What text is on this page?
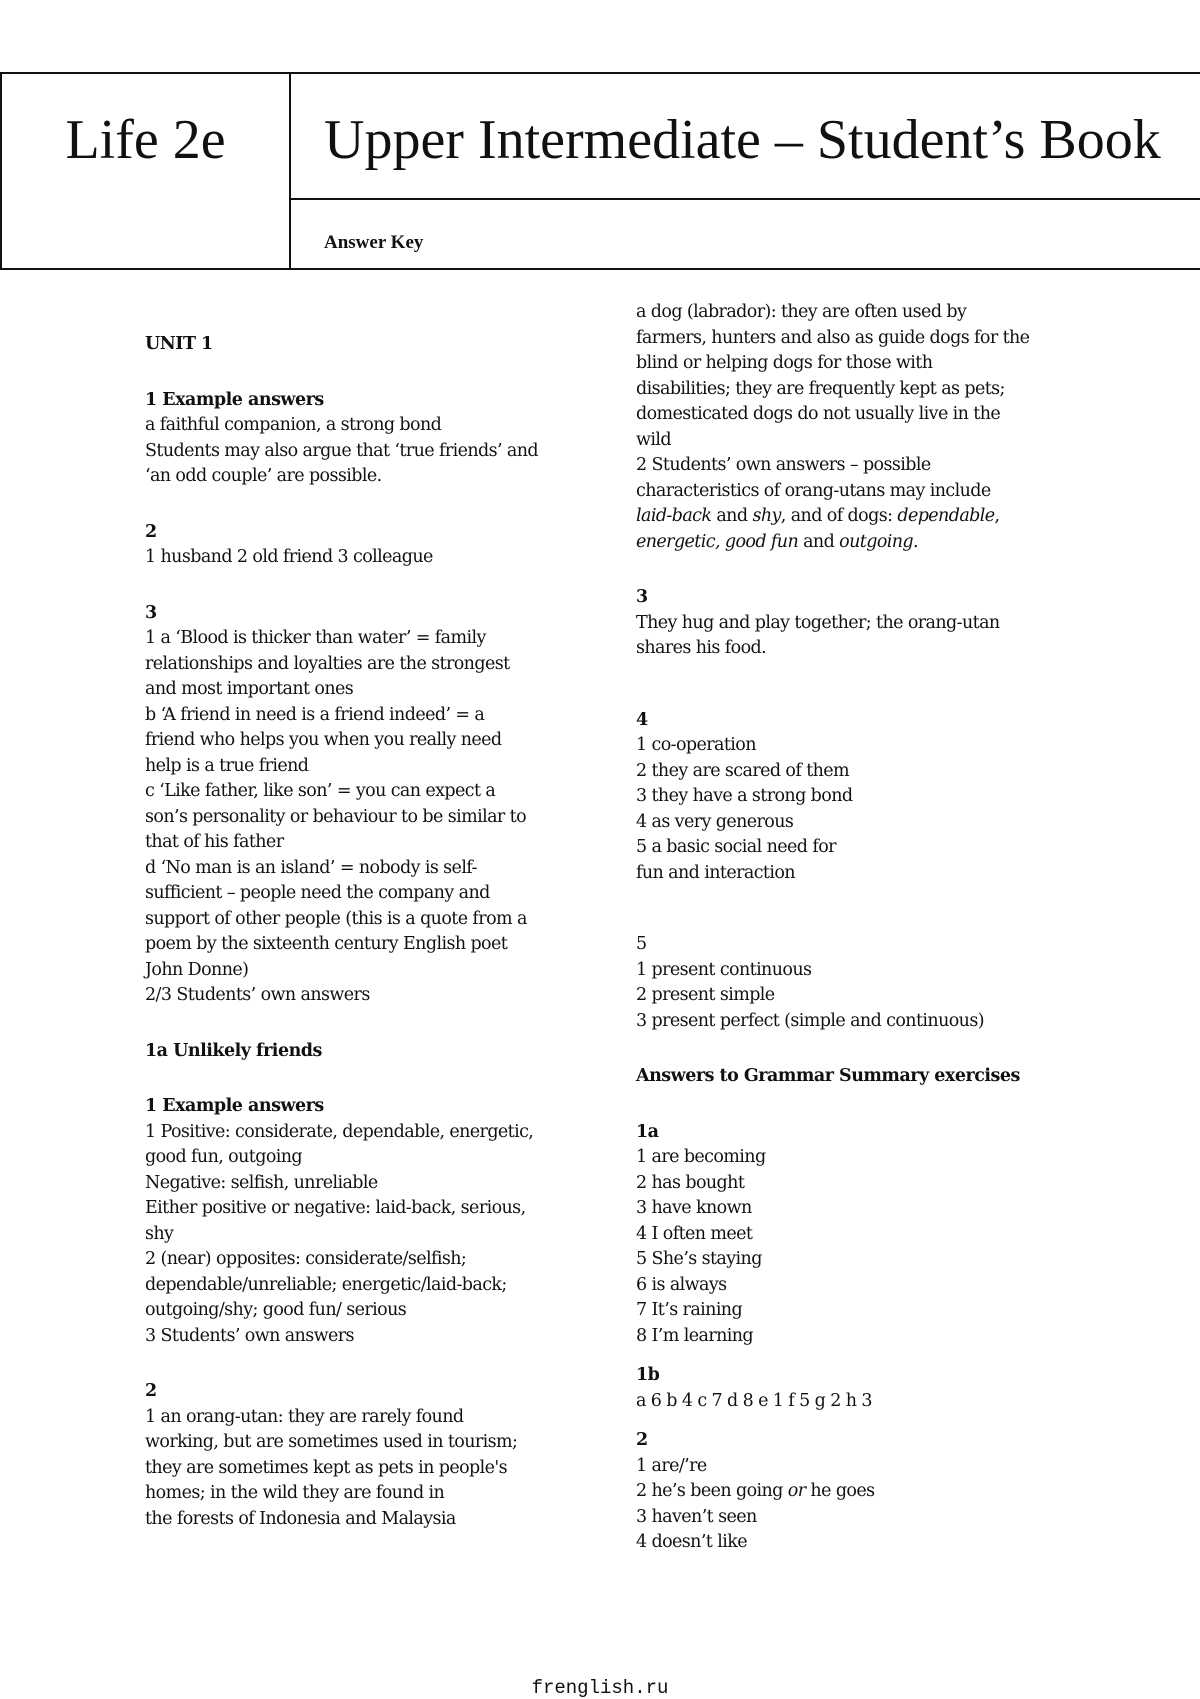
Life 2e	Upper Intermediate – Student’s Book
Answer Key
UNIT 1
1 Example answers
a faithful companion, a strong bond
Students may also argue that ‘true friends’ and
‘an odd couple’ are possible.
2
1 husband 2 old friend 3 colleague
3
1 a ‘Blood is thicker than water’ = family
relationships and loyalties are the strongest
and most important ones
b ‘A friend in need is a friend indeed’ = a
friend who helps you when you really need
help is a true friend
c ‘Like father, like son’ = you can expect a
son’s personality or behaviour to be similar to
that of his father
d ‘No man is an island’ = nobody is self-
sufficient – people need the company and
support of other people (this is a quote from a
poem by the sixteenth century English poet
John Donne)
2/3 Students’ own answers
1a Unlikely friends
1 Example answers
1 Positive: considerate, dependable, energetic,
good fun, outgoing
Negative: selfish, unreliable
Either positive or negative: laid-back, serious,
shy
2 (near) opposites: considerate/selfish;
dependable/unreliable; energetic/laid-back;
outgoing/shy; good fun/ serious
3 Students’ own answers
2
1 an orang-utan: they are rarely found
working, but are sometimes used in tourism;
they are sometimes kept as pets in people's
homes; in the wild they are found in
the forests of Indonesia and Malaysia
a dog (labrador): they are often used by
farmers, hunters and also as guide dogs for the
blind or helping dogs for those with
disabilities; they are frequently kept as pets;
domesticated dogs do not usually live in the
wild
2 Students’ own answers – possible
characteristics of orang-utans may include
laid-back and shy, and of dogs: dependable,
energetic, good fun and outgoing.
3
They hug and play together; the orang-utan
shares his food.
4
1 co-operation
2 they are scared of them
3 they have a strong bond
4 as very generous
5 a basic social need for
fun and interaction
5
1 present continuous
2 present simple
3 present perfect (simple and continuous)
Answers to Grammar Summary exercises
1a
1 are becoming
2 has bought
3 have known
4 I often meet
5 She’s staying
6 is always
7 It’s raining
8 I’m learning
1b
a 6 b 4 c 7 d 8 e 1 f 5 g 2 h 3
2
1 are/’re
2 he’s been going or he goes
3 haven’t seen
4 doesn’t like
frenglish.ru
